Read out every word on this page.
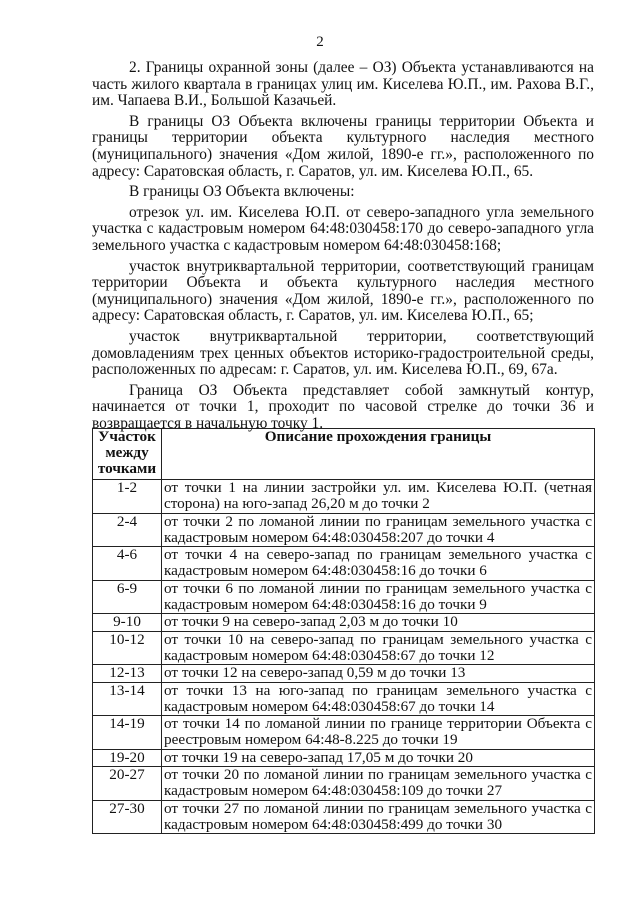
2

2. Границы охранной зоны (далее – ОЗ) Объекта устанавливаются на часть жилого квартала в границах улиц им. Киселева Ю.П., им. Рахова В.Г., им. Чапаева В.И., Большой Казачьей.

В границы ОЗ Объекта включены границы территории Объекта и границы территории объекта культурного наследия местного (муниципального) значения «Дом жилой, 1890-е гг.», расположенного по адресу: Саратовская область, г. Саратов, ул. им. Киселева Ю.П., 65.

В границы ОЗ Объекта включены:

отрезок ул. им. Киселева Ю.П. от северо-западного угла земельного участка с кадастровым номером 64:48:030458:170 до северо-западного угла земельного участка с кадастровым номером 64:48:030458:168;

участок внутриквартальной территории, соответствующий границам территории Объекта и объекта культурного наследия местного (муниципального) значения «Дом жилой, 1890-е гг.», расположенного по адресу: Саратовская область, г. Саратов, ул. им. Киселева Ю.П., 65;

участок внутриквартальной территории, соответствующий домовладениям трех ценных объектов историко-градостроительной среды, расположенных по адресам: г. Саратов, ул. им. Киселева Ю.П., 69, 67а.

Граница ОЗ Объекта представляет собой замкнутый контур, начинается от точки 1, проходит по часовой стрелке до точки 36 и возвращается в начальную точку 1.

Участок
между
точками	Описание прохождения границы
1-2	от точки 1 на линии застройки ул. им. Киселева Ю.П. (четная сторона) на юго-запад 26,20 м до точки 2
2-4	от точки 2 по ломаной линии по границам земельного участка с кадастровым номером 64:48:030458:207 до точки 4
4-6	от точки 4 на северо-запад по границам земельного участка с кадастровым номером 64:48:030458:16 до точки 6
6-9	от точки 6 по ломаной линии по границам земельного участка с кадастровым номером 64:48:030458:16 до точки 9
9-10	от точки 9 на северо-запад 2,03 м до точки 10
10-12	от точки 10 на северо-запад по границам земельного участка с кадастровым номером 64:48:030458:67 до точки 12
12-13	от точки 12 на северо-запад 0,59 м до точки 13
13-14	от точки 13 на юго-запад по границам земельного участка с кадастровым номером 64:48:030458:67 до точки 14
14-19	от точки 14 по ломаной линии по границе территории Объекта с реестровым номером 64:48-8.225 до точки 19
19-20	от точки 19 на северо-запад 17,05 м до точки 20
20-27	от точки 20 по ломаной линии по границам земельного участка с кадастровым номером 64:48:030458:109 до точки 27
27-30	от точки 27 по ломаной линии по границам земельного участка с кадастровым номером 64:48:030458:499 до точки 30
